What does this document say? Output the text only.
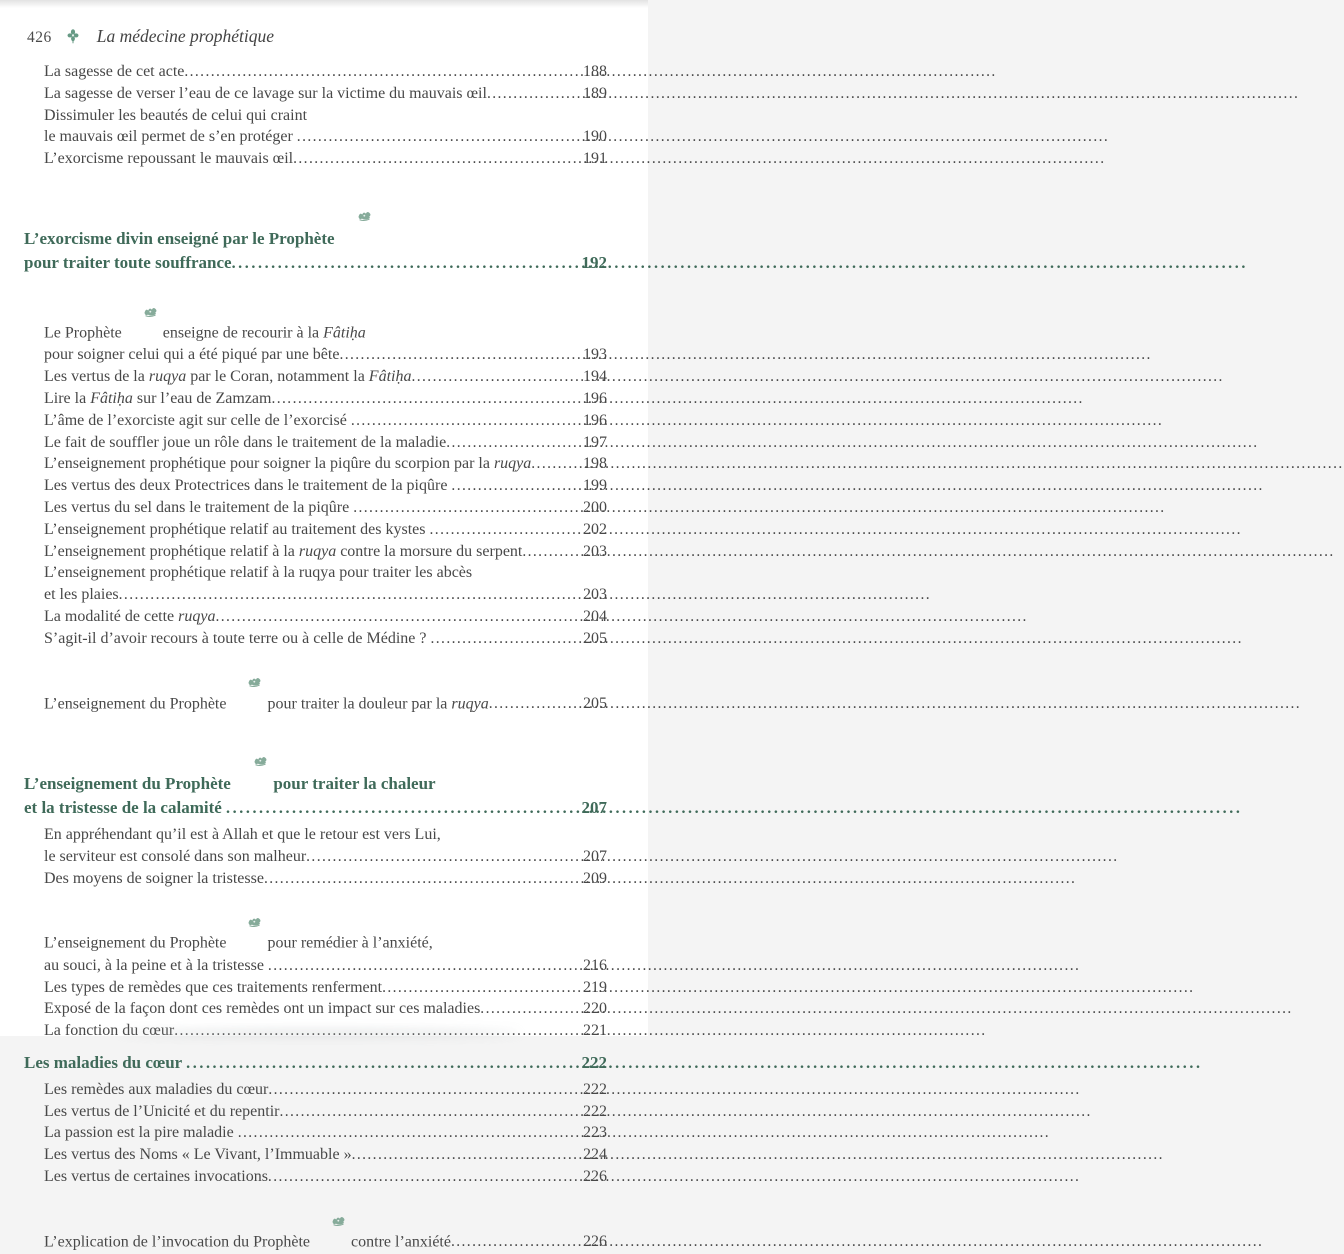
426	La médecine prophétique
La sagesse de cet acte .....	188
La sagesse de verser l’eau de ce lavage sur la victime du mauvais œil .....	189
Dissimuler les beautés de celui qui craint
le mauvais œil permet de s’en protéger .....	190
L’exorcisme repoussant le mauvais œil .....	191
L’exorcisme divin enseigné par le Prophète

pour traiter toute souffrance .....	192
Le Prophète

enseigne de recourir à la Fâtiḥa
pour soigner celui qui a été piqué par une bête .....	193
Les vertus de la ruqya par le Coran, notamment la Fâtiḥa .....	194
Lire la Fâtiḥa sur l’eau de Zamzam .....	196
L’âme de l’exorciste agit sur celle de l’exorcisé .....	196
Le fait de souffler joue un rôle dans le traitement de la maladie .....	197
L’enseignement prophétique pour soigner la piqûre du scorpion par la ruqya .....	198
Les vertus des deux Protectrices dans le traitement de la piqûre .....	199
Les vertus du sel dans le traitement de la piqûre .....	200
L’enseignement prophétique relatif au traitement des kystes .....	202
L’enseignement prophétique relatif à la ruqya contre la morsure du serpent .....	203
L’enseignement prophétique relatif à la ruqya pour traiter les abcès
et les plaies .....	203
La modalité de cette ruqya .....	204
S’agit-il d’avoir recours à toute terre ou à celle de Médine ? .....	205
L’enseignement du Prophète

pour traiter la douleur par la ruqya .....	205
L’enseignement du Prophète

pour traiter la chaleur
et la tristesse de la calamité .....	207
En appréhendant qu’il est à Allah et que le retour est vers Lui,
le serviteur est consolé dans son malheur .....	207
Des moyens de soigner la tristesse .....	209
L’enseignement du Prophète

pour remédier à l’anxiété,
au souci, à la peine et à la tristesse .....	216
Les types de remèdes que ces traitements renferment .....	219
Exposé de la façon dont ces remèdes ont un impact sur ces maladies .....	220
La fonction du cœur .....	221
Les maladies du cœur .....	222
Les remèdes aux maladies du cœur .....	222
Les vertus de l’Unicité et du repentir .....	222
La passion est la pire maladie .....	223
Les vertus des Noms « Le Vivant, l’Immuable » .....	224
Les vertus de certaines invocations .....	226
L’explication de l’invocation du Prophète

contre l’anxiété .....	226
